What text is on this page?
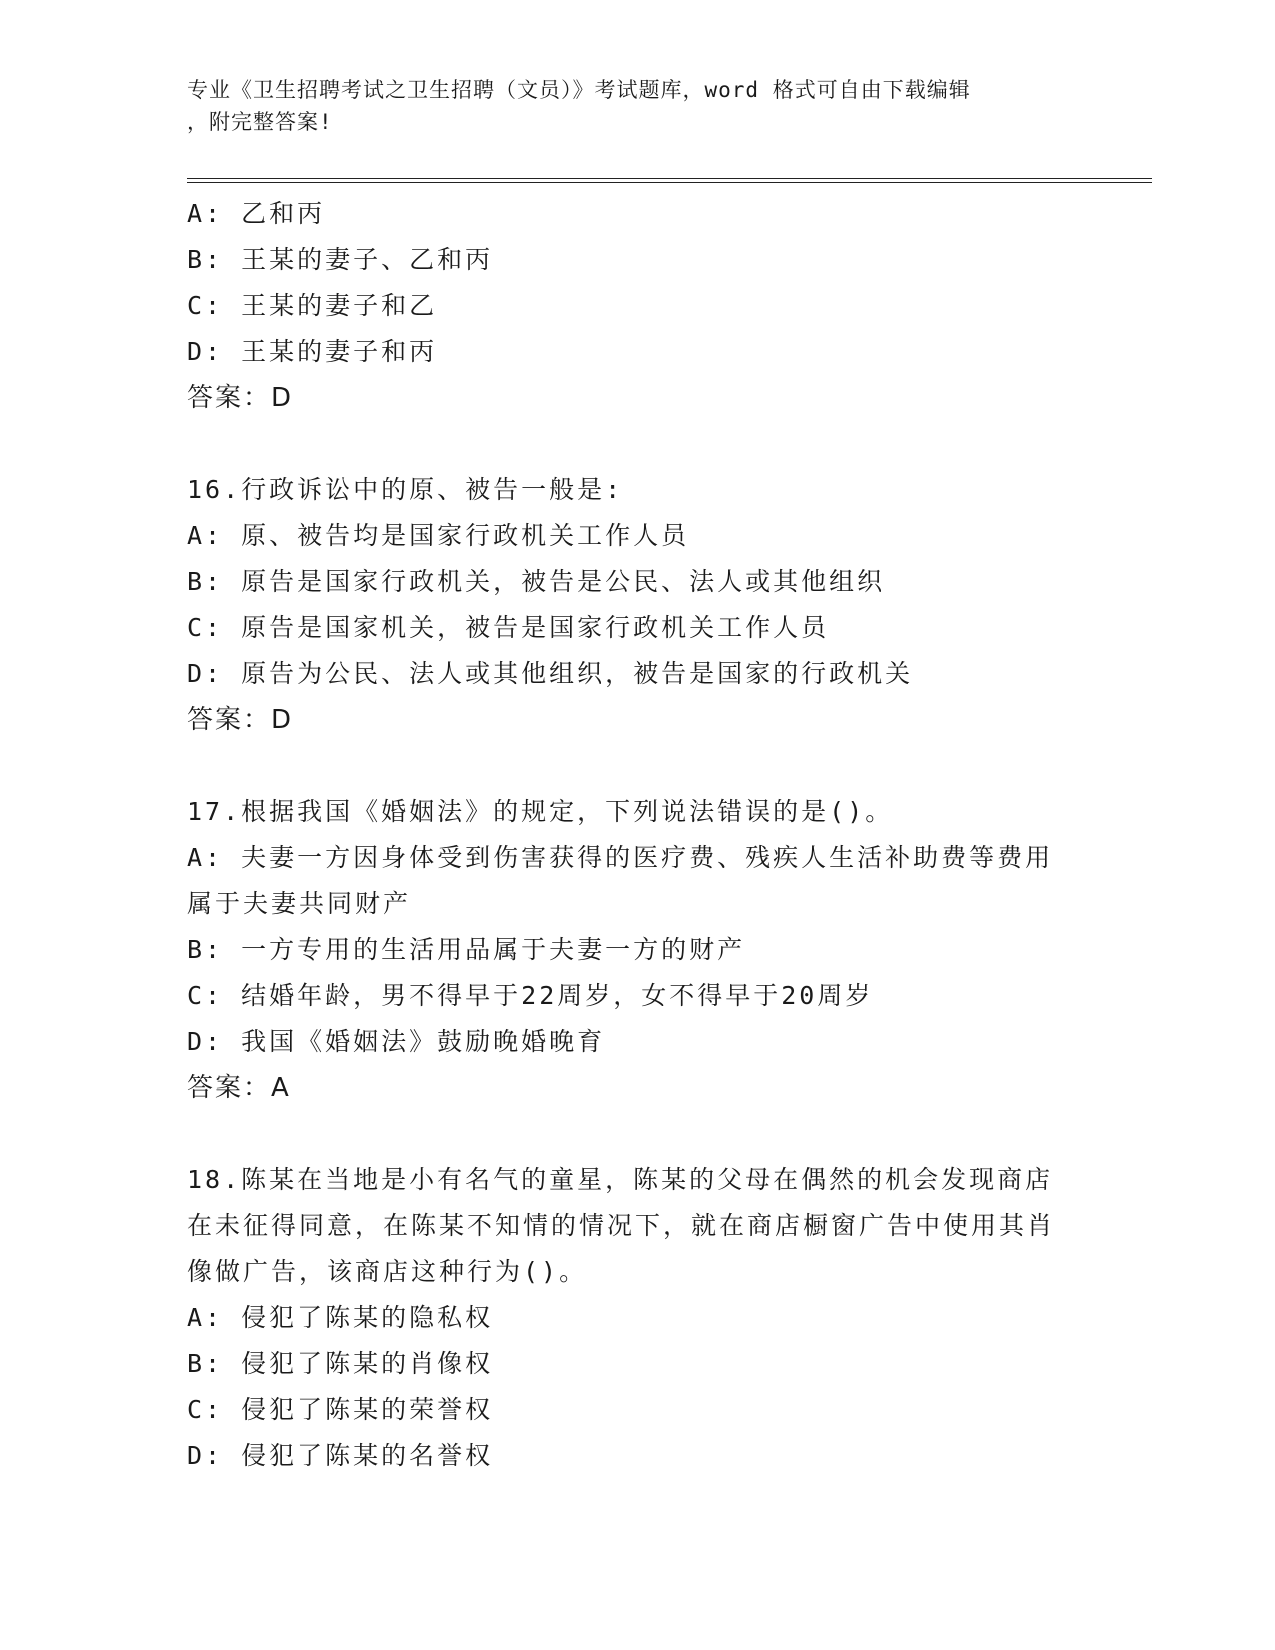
专业《卫生招聘考试之卫生招聘（文员）》考试题库，word 格式可自由下载编辑
，附完整答案!
A: 乙和丙
B: 王某的妻子、乙和丙
C: 王某的妻子和乙
D: 王某的妻子和丙
答案：D
16.行政诉讼中的原、被告一般是:
A: 原、被告均是国家行政机关工作人员
B: 原告是国家行政机关，被告是公民、法人或其他组织
C: 原告是国家机关，被告是国家行政机关工作人员
D: 原告为公民、法人或其他组织，被告是国家的行政机关
答案：D
17.根据我国《婚姻法》的规定，下列说法错误的是()。
A: 夫妻一方因身体受到伤害获得的医疗费、残疾人生活补助费等费用属于夫妻共同财产
B: 一方专用的生活用品属于夫妻一方的财产
C: 结婚年龄，男不得早于22周岁，女不得早于20周岁
D: 我国《婚姻法》鼓励晚婚晚育
答案：A
18.陈某在当地是小有名气的童星，陈某的父母在偶然的机会发现商店在未征得同意，在陈某不知情的情况下，就在商店橱窗广告中使用其肖像做广告，该商店这种行为()。
A: 侵犯了陈某的隐私权
B: 侵犯了陈某的肖像权
C: 侵犯了陈某的荣誉权
D: 侵犯了陈某的名誉权
